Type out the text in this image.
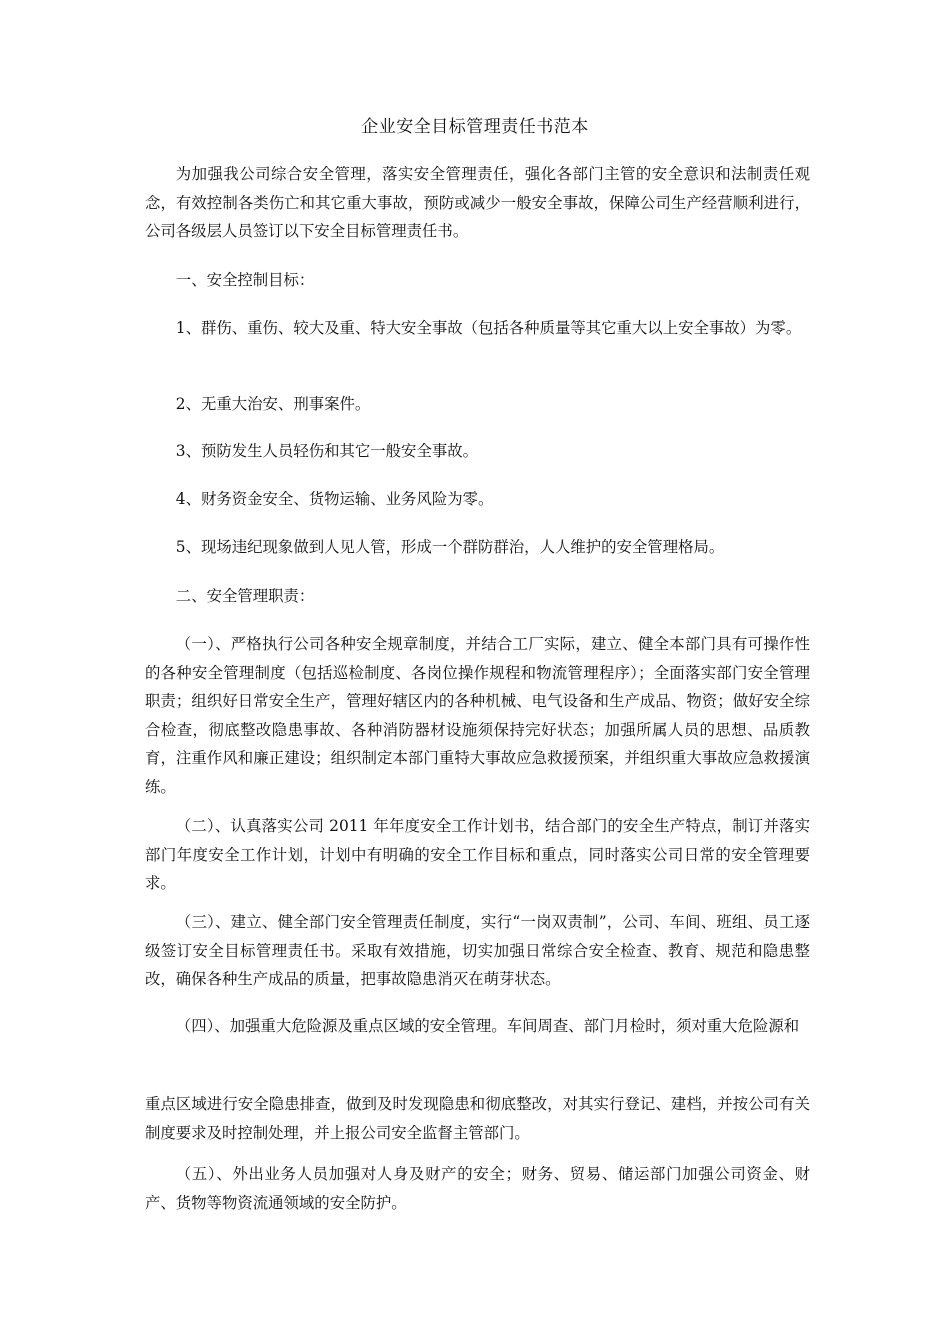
企业安全目标管理责任书范本

为加强我公司综合安全管理，落实安全管理责任，强化各部门主管的安全意识和法制责任观念，有效控制各类伤亡和其它重大事故，预防或减少一般安全事故，保障公司生产经营顺利进行，公司各级层人员签订以下安全目标管理责任书。

一、安全控制目标：

1、群伤、重伤、较大及重、特大安全事故（包括各种质量等其它重大以上安全事故）为零。

2、无重大治安、刑事案件。

3、预防发生人员轻伤和其它一般安全事故。

4、财务资金安全、货物运输、业务风险为零。

5、现场违纪现象做到人见人管，形成一个群防群治，人人维护的安全管理格局。

二、安全管理职责：

（一）、严格执行公司各种安全规章制度，并结合工厂实际，建立、健全本部门具有可操作性的各种安全管理制度（包括巡检制度、各岗位操作规程和物流管理程序）；全面落实部门安全管理职责；组织好日常安全生产，管理好辖区内的各种机械、电气设备和生产成品、物资；做好安全综合检查，彻底整改隐患事故、各种消防器材设施须保持完好状态；加强所属人员的思想、品质教育，注重作风和廉正建设；组织制定本部门重特大事故应急救援预案，并组织重大事故应急救援演练。

（二）、认真落实公司 2011 年年度安全工作计划书，结合部门的安全生产特点，制订并落实部门年度安全工作计划，计划中有明确的安全工作目标和重点，同时落实公司日常的安全管理要求。

（三）、建立、健全部门安全管理责任制度，实行“一岗双责制”，公司、车间、班组、员工逐级签订安全目标管理责任书。采取有效措施，切实加强日常综合安全检查、教育、规范和隐患整改，确保各种生产成品的质量，把事故隐患消灭在萌芽状态。

（四）、加强重大危险源及重点区域的安全管理。车间周查、部门月检时，须对重大危险源和

重点区域进行安全隐患排查，做到及时发现隐患和彻底整改，对其实行登记、建档，并按公司有关制度要求及时控制处理，并上报公司安全监督主管部门。

（五）、外出业务人员加强对人身及财产的安全；财务、贸易、储运部门加强公司资金、财产、货物等物资流通领域的安全防护。
